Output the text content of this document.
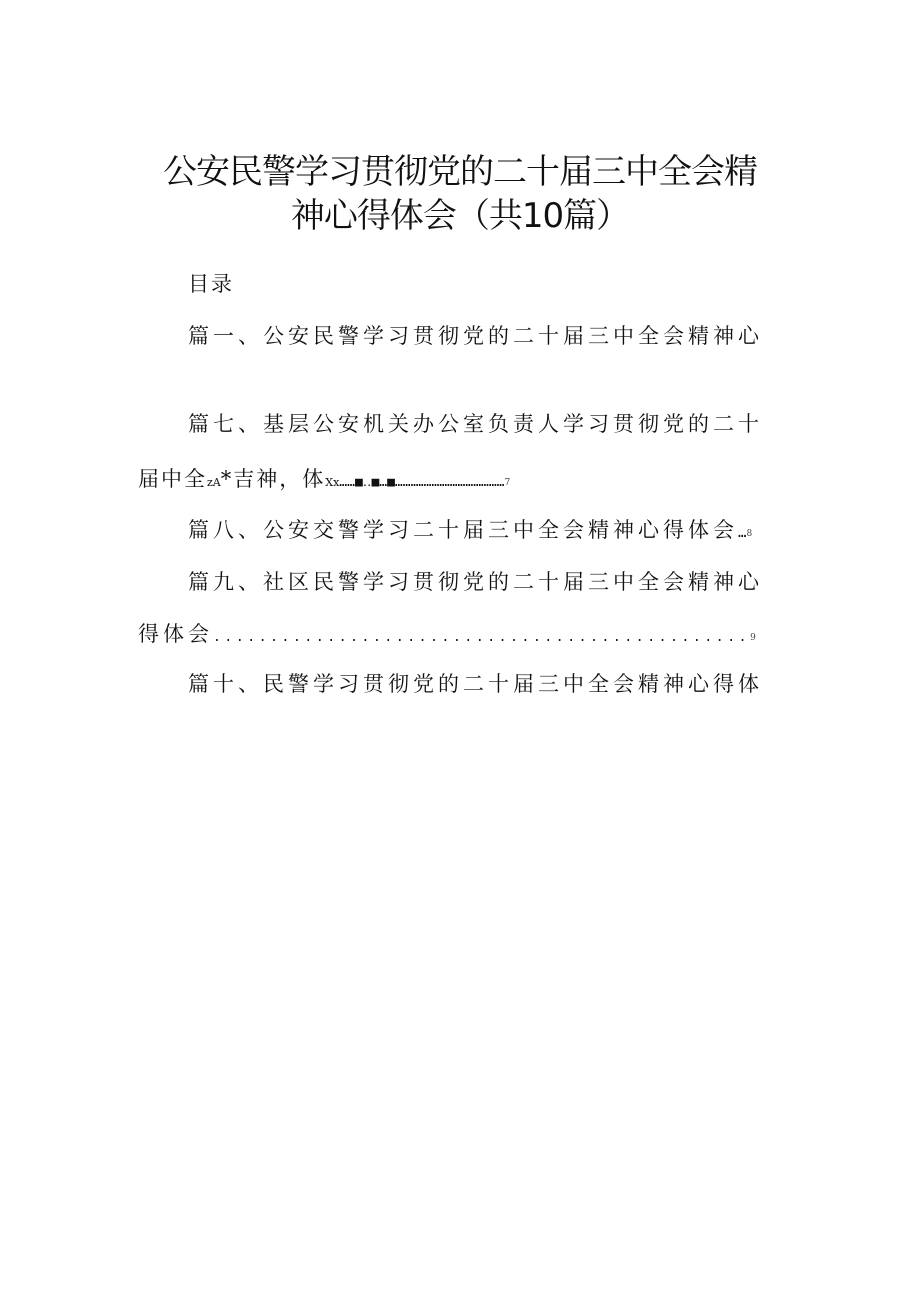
公安民警学习贯彻党的二十届三中全会精
神心得体会（共10篇）
目录
篇一、公安民警学习贯彻党的二十届三中全会精神心
篇七、基层公安机关办公室负责人学习贯彻党的二十
届中全zA*吉神，体Xx……■‥■…■……………………………………7
篇八、公安交警学习二十届三中全会精神心得体会…8
篇九、社区民警学习贯彻党的二十届三中全会精神心
得体会...............................................9
篇十、民警学习贯彻党的二十届三中全会精神心得体
